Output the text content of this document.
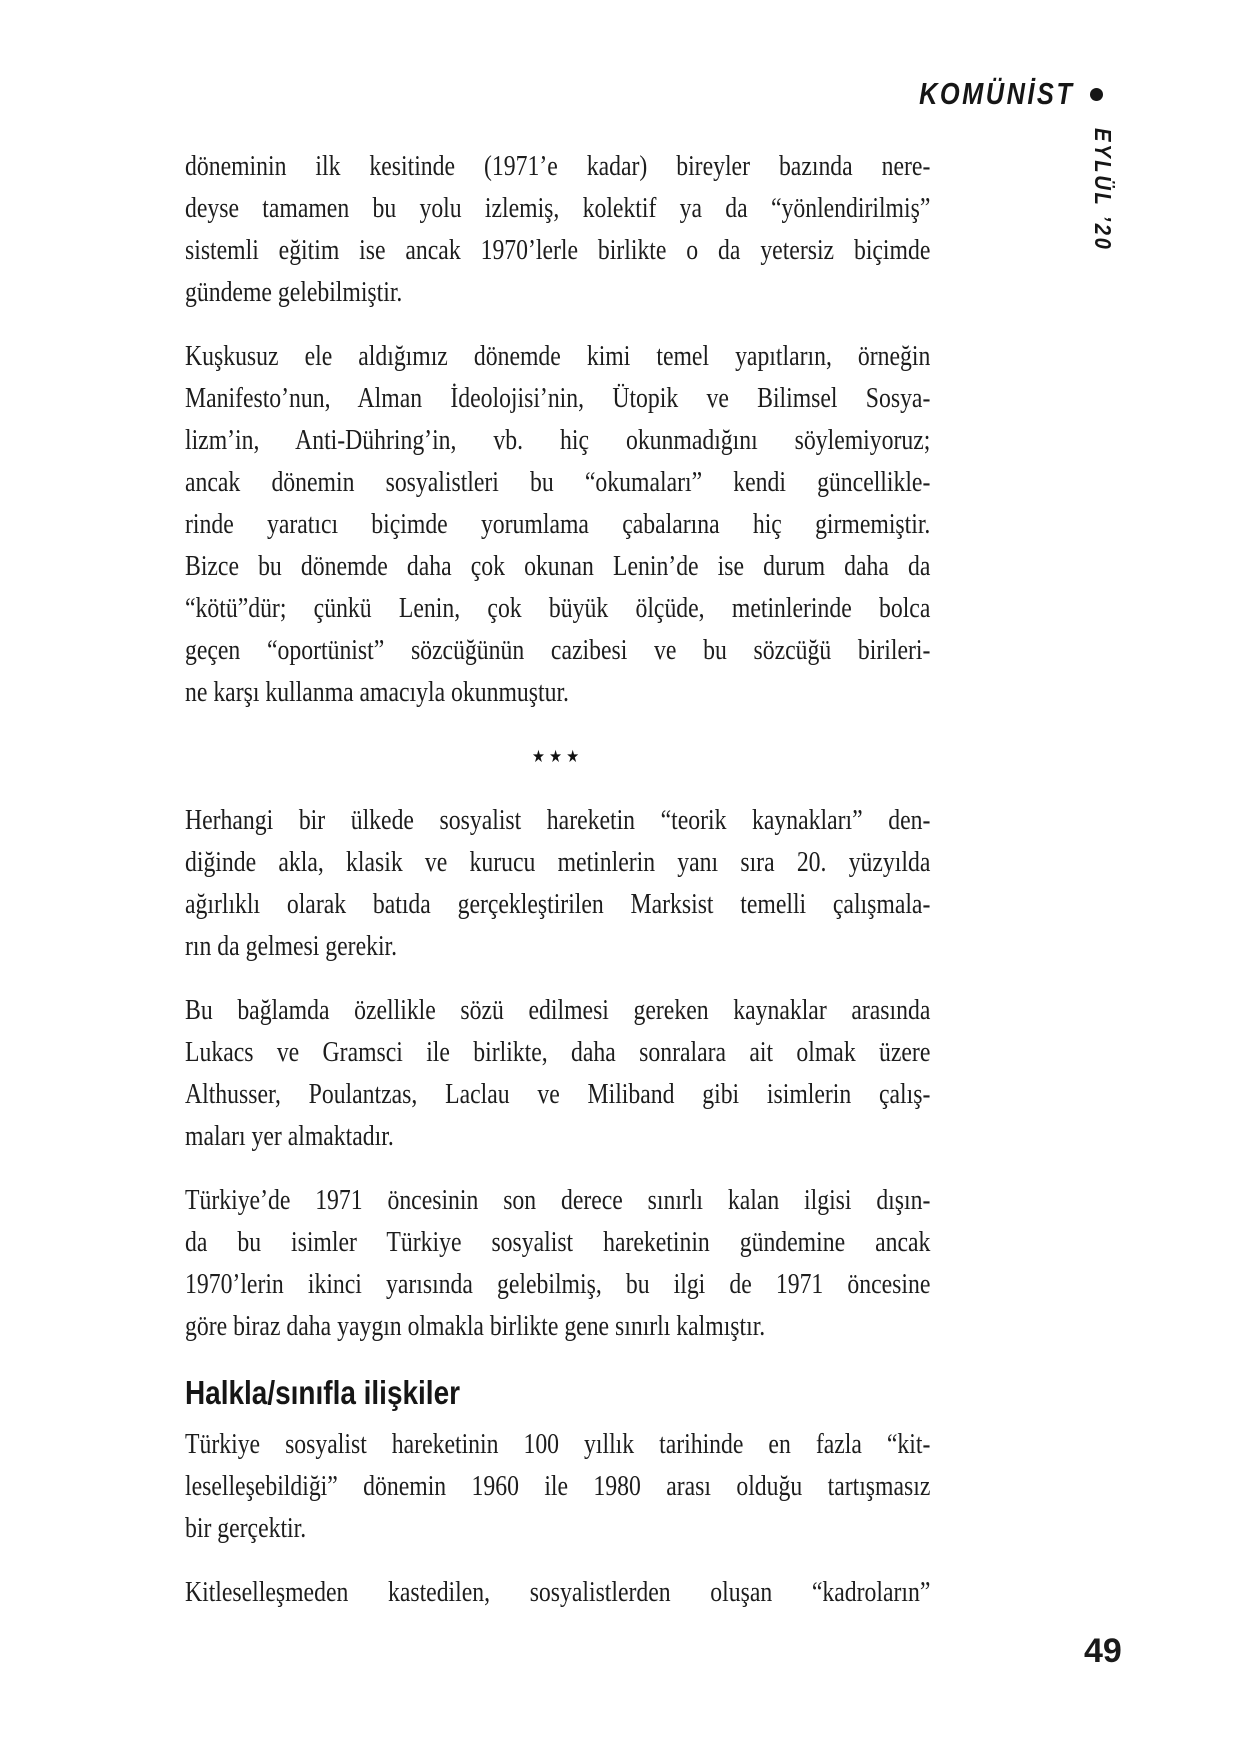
KOMÜNİST
EYLÜL ’20
döneminin ilk kesitinde (1971’e kadar) bireyler bazında nere-
deyse tamamen bu yolu izlemiş, kolektif ya da “yönlendirilmiş”
sistemli eğitim ise ancak 1970’lerle birlikte o da yetersiz biçimde
gündeme gelebilmiştir.
Kuşkusuz ele aldığımız dönemde kimi temel yapıtların, örneğin
Manifesto’nun, Alman İdeolojisi’nin, Ütopik ve Bilimsel Sosya-
lizm’in, Anti-Dühring’in, vb. hiç okunmadığını söylemiyoruz;
ancak dönemin sosyalistleri bu “okumaları” kendi güncellikle-
rinde yaratıcı biçimde yorumlama çabalarına hiç girmemiştir.
Bizce bu dönemde daha çok okunan Lenin’de ise durum daha da
“kötü”dür; çünkü Lenin, çok büyük ölçüde, metinlerinde bolca
geçen “oportünist” sözcüğünün cazibesi ve bu sözcüğü birileri-
ne karşı kullanma amacıyla okunmuştur.
★★★
Herhangi bir ülkede sosyalist hareketin “teorik kaynakları” den-
diğinde akla, klasik ve kurucu metinlerin yanı sıra 20. yüzyılda
ağırlıklı olarak batıda gerçekleştirilen Marksist temelli çalışmala-
rın da gelmesi gerekir.
Bu bağlamda özellikle sözü edilmesi gereken kaynaklar arasında
Lukacs ve Gramsci ile birlikte, daha sonralara ait olmak üzere
Althusser, Poulantzas, Laclau ve Miliband gibi isimlerin çalış-
maları yer almaktadır.
Türkiye’de 1971 öncesinin son derece sınırlı kalan ilgisi dışın-
da bu isimler Türkiye sosyalist hareketinin gündemine ancak
1970’lerin ikinci yarısında gelebilmiş, bu ilgi de 1971 öncesine
göre biraz daha yaygın olmakla birlikte gene sınırlı kalmıştır.
Halkla/sınıfla ilişkiler
Türkiye sosyalist hareketinin 100 yıllık tarihinde en fazla “kit-
leselleşebildiği” dönemin 1960 ile 1980 arası olduğu tartışmasız
bir gerçektir.
Kitleselleşmeden kastedilen, sosyalistlerden oluşan “kadroların”
49
